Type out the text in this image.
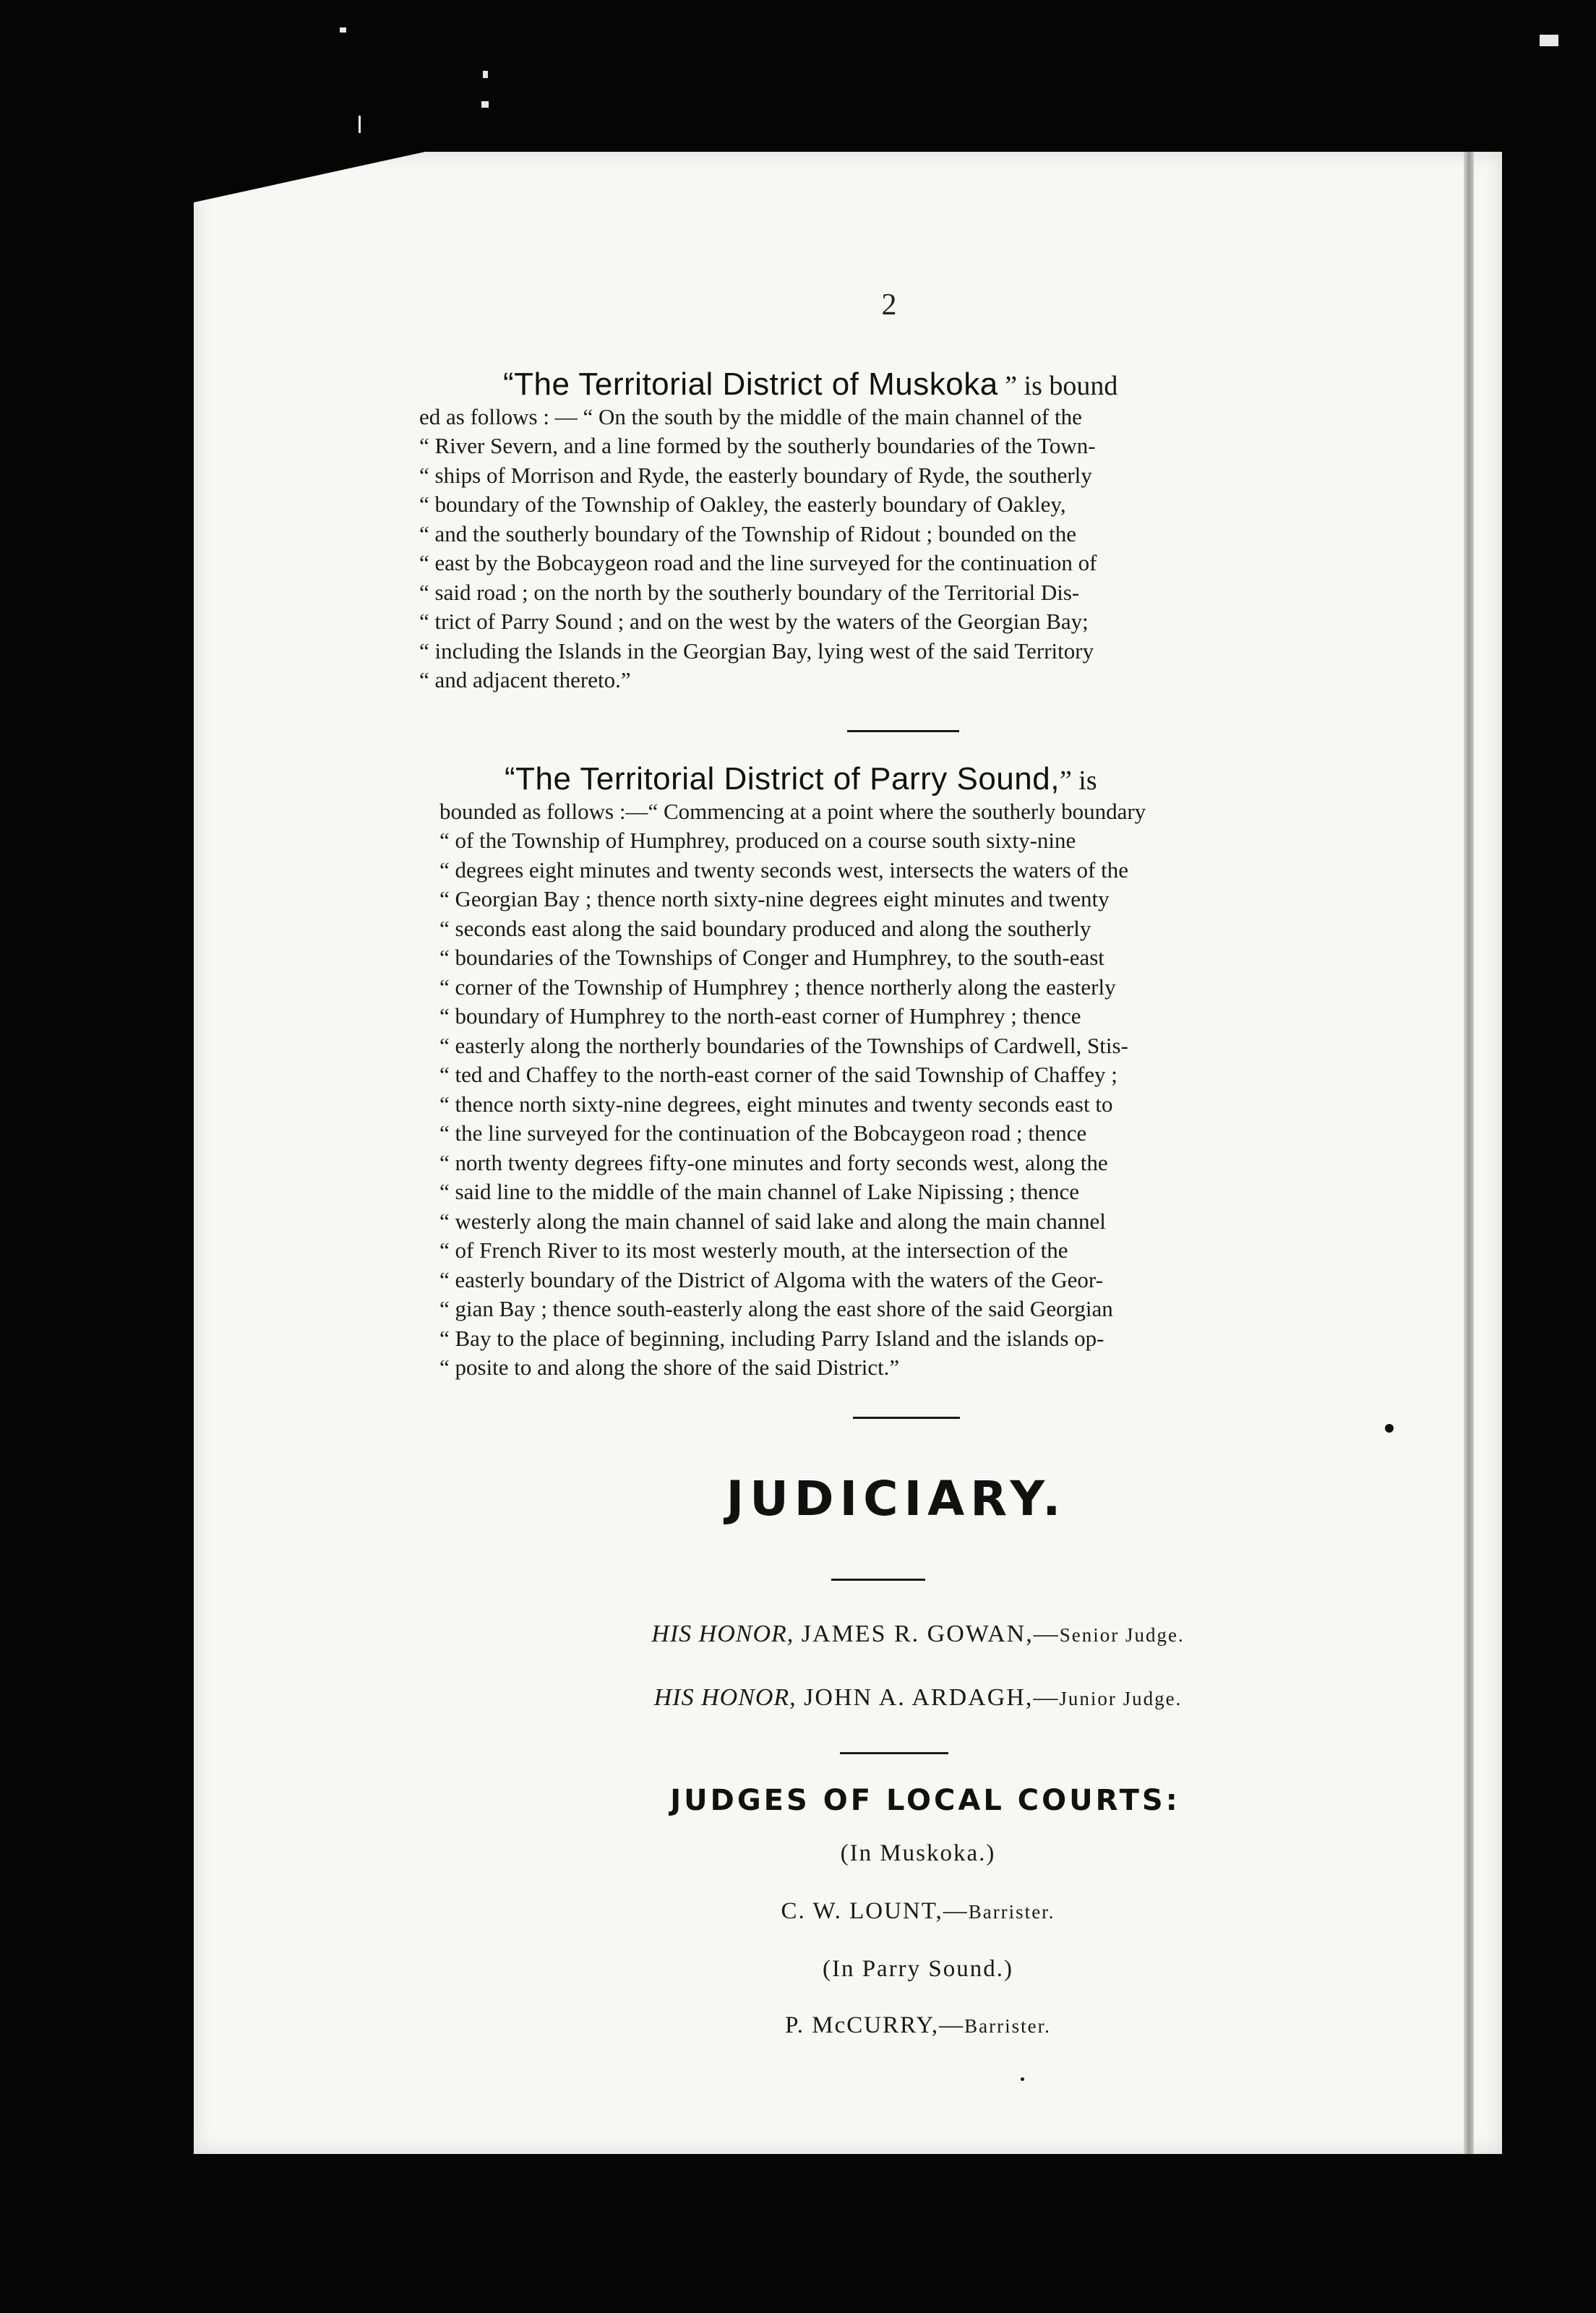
2
“The Territorial District of Muskoka ” is bound
ed as follows : — “ On the south by the middle of the main channel of the
“ River Severn, and a line formed by the southerly boundaries of the Town-
“ ships of Morrison and Ryde, the easterly boundary of Ryde, the southerly
“ boundary of the Township of Oakley, the easterly boundary of Oakley,
“ and the southerly boundary of the Township of Ridout ; bounded on the
“ east by the Bobcaygeon road and the line surveyed for the continuation of
“ said road ; on the north by the southerly boundary of the Territorial Dis-
“ trict of Parry Sound ; and on the west by the waters of the Georgian Bay;
“ including the Islands in the Georgian Bay, lying west of the said Territory
“ and adjacent thereto.”
“The Territorial District of Parry Sound,” is
bounded as follows :—“ Commencing at a point where the southerly boundary
“ of the Township of Humphrey, produced on a course south sixty-nine
“ degrees eight minutes and twenty seconds west, intersects the waters of the
“ Georgian Bay ; thence north sixty-nine degrees eight minutes and twenty
“ seconds east along the said boundary produced and along the southerly
“ boundaries of the Townships of Conger and Humphrey, to the south-east
“ corner of the Township of Humphrey ; thence northerly along the easterly
“ boundary of Humphrey to the north-east corner of Humphrey ; thence
“ easterly along the northerly boundaries of the Townships of Cardwell, Stis-
“ ted and Chaffey to the north-east corner of the said Township of Chaffey ;
“ thence north sixty-nine degrees, eight minutes and twenty seconds east to
“ the line surveyed for the continuation of the Bobcaygeon road ; thence
“ north twenty degrees fifty-one minutes and forty seconds west, along the
“ said line to the middle of the main channel of Lake Nipissing ; thence
“ westerly along the main channel of said lake and along the main channel
“ of French River to its most westerly mouth, at the intersection of the
“ easterly boundary of the District of Algoma with the waters of the Geor-
“ gian Bay ; thence south-easterly along the east shore of the said Georgian
“ Bay to the place of beginning, including Parry Island and the islands op-
“ posite to and along the shore of the said District.”
JUDICIARY.
HIS HONOR, JAMES R. GOWAN,—Senior Judge.
HIS HONOR, JOHN A. ARDAGH,—Junior Judge.
JUDGES OF LOCAL COURTS:
(In Muskoka.)
C. W. LOUNT,—Barrister.
(In Parry Sound.)
P. McCURRY,—Barrister.
